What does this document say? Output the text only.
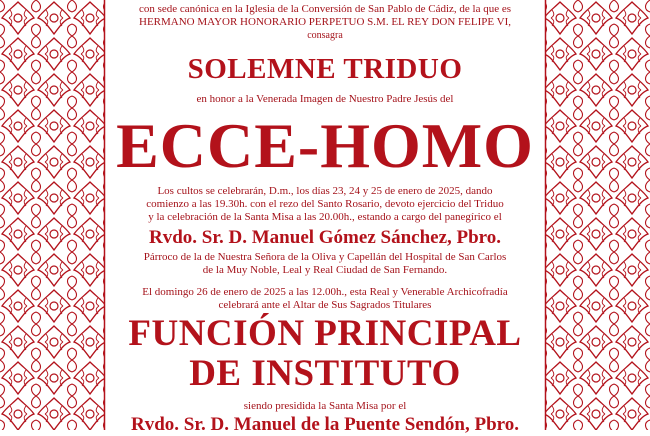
con sede canónica en la Iglesia de la Conversión de San Pablo de Cádiz, de la que es

HERMANO MAYOR HONORARIO PERPETUO S.M. EL REY DON FELIPE VI,

consagra

SOLEMNE TRIDUO

en honor a la Venerada Imagen de Nuestro Padre Jesús del

ECCE-HOMO

Los cultos se celebrarán, D.m., los días 23, 24 y 25 de enero de 2025, dando

comienzo a las 19.30h. con el rezo del Santo Rosario, devoto ejercicio del Triduo

y la celebración de la Santa Misa a las 20.00h., estando a cargo del panegírico el

Rvdo. Sr. D. Manuel Gómez Sánchez, Pbro.

Párroco de la de Nuestra Señora de la Oliva y Capellán del Hospital de San Carlos

de la Muy Noble, Leal y Real Ciudad de San Fernando.

El domingo 26 de enero de 2025 a las 12.00h., esta Real y Venerable Archicofradía

celebrará ante el Altar de Sus Sagrados Titulares

FUNCIÓN PRINCIPAL
DE INSTITUTO

siendo presidida la Santa Misa por el

Rvdo. Sr. D. Manuel de la Puente Sendón, Pbro.
